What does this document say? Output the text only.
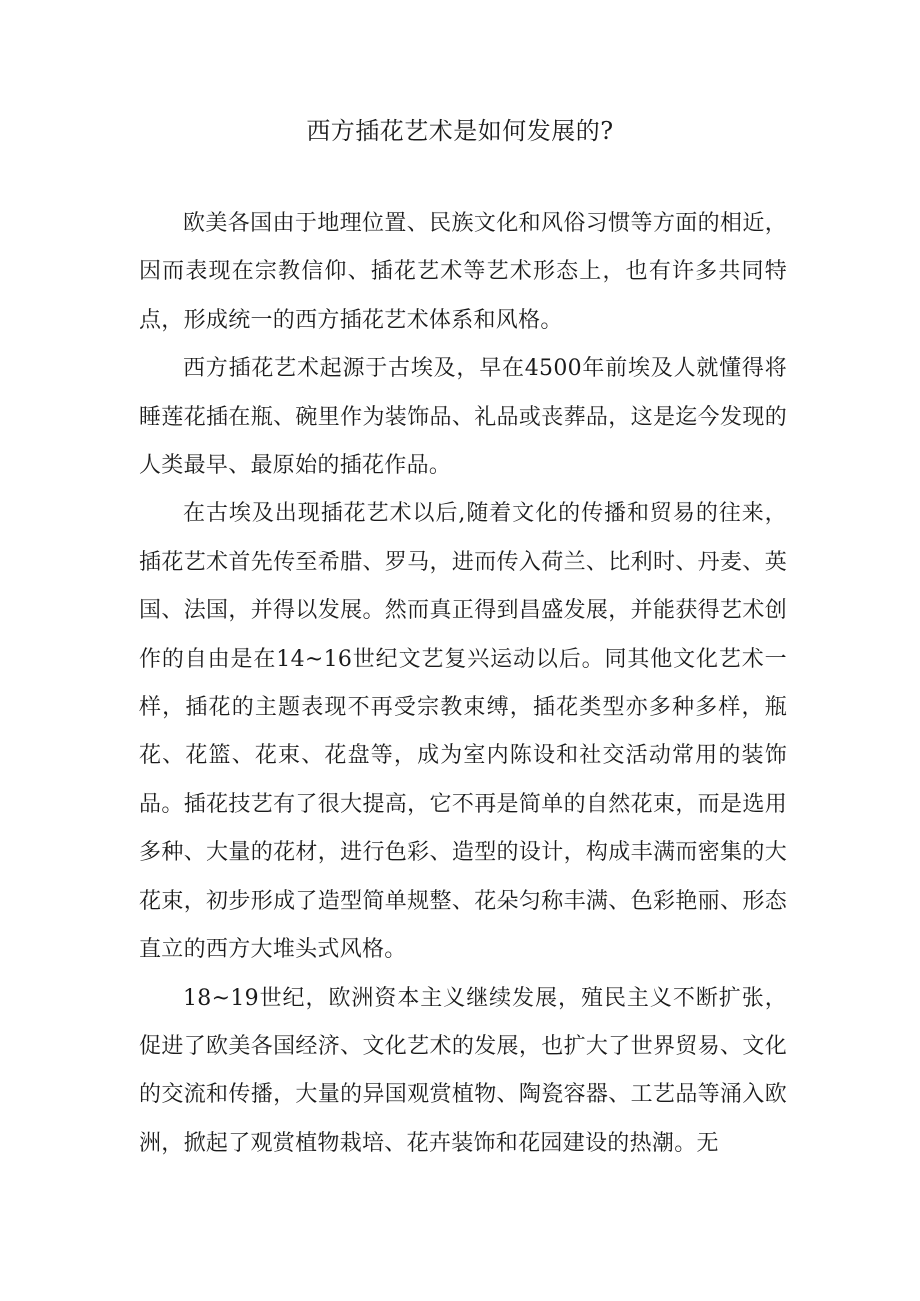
西方插花艺术是如何发展的?

欧美各国由于地理位置、民族文化和风俗习惯等方面的相近，因而表现在宗教信仰、插花艺术等艺术形态上，也有许多共同特点，形成统一的西方插花艺术体系和风格。

西方插花艺术起源于古埃及，早在4500年前埃及人就懂得将睡莲花插在瓶、碗里作为装饰品、礼品或丧葬品，这是迄今发现的人类最早、最原始的插花作品。

在古埃及出现插花艺术以后,随着文化的传播和贸易的往来，插花艺术首先传至希腊、罗马，进而传入荷兰、比利时、丹麦、英国、法国，并得以发展。然而真正得到昌盛发展，并能获得艺术创作的自由是在14~16世纪文艺复兴运动以后。同其他文化艺术一样，插花的主题表现不再受宗教束缚，插花类型亦多种多样，瓶花、花篮、花束、花盘等，成为室内陈设和社交活动常用的装饰品。插花技艺有了很大提高，它不再是简单的自然花束，而是选用多种、大量的花材，进行色彩、造型的设计，构成丰满而密集的大花束，初步形成了造型简单规整、花朵匀称丰满、色彩艳丽、形态直立的西方大堆头式风格。

18~19世纪，欧洲资本主义继续发展，殖民主义不断扩张，促进了欧美各国经济、文化艺术的发展，也扩大了世界贸易、文化的交流和传播，大量的异国观赏植物、陶瓷容器、工艺品等涌入欧洲，掀起了观赏植物栽培、花卉装饰和花园建设的热潮。无
